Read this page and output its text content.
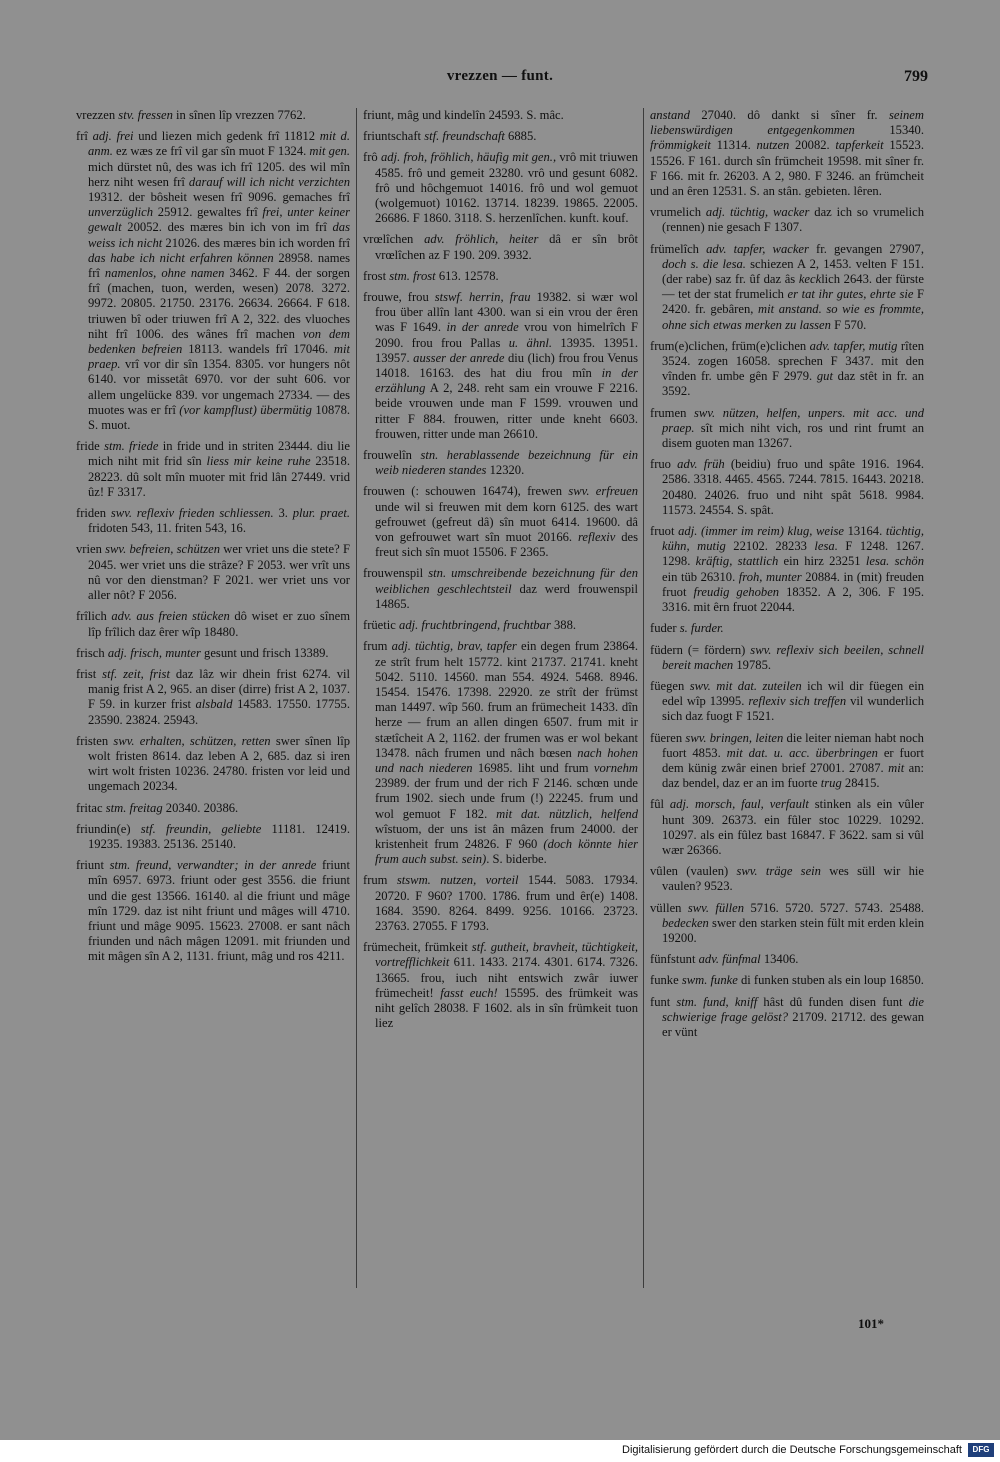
vrezzen — funt.	799

vrezzen stv. fressen in sînen lîp vrezzen 7762.

frî adj. frei und liezen mich gedenk frî 11812 mit d. anm. ez wæs ze frî vil gar sîn muot F 1324. mit gen. mich dürstet nû, des was ich frî 1205. des wil mîn herz niht wesen frî darauf will ich nicht verzichten 19312. der bôsheit wesen frî 9096. gemaches frî unverzüglich 25912. gewaltes frî frei, unter keiner gewalt 20052. des mæres bin ich von im frî das weiss ich nicht 21026. des mæres bin ich worden frî das habe ich nicht erfahren können 28958. names frî namenlos, ohne namen 3462. F 44. der sorgen frî (machen, tuon, werden, wesen) 2078. 3272. 9972. 20805. 21750. 23176. 26634. 26664. F 618. triuwen bî oder triuwen frî A 2, 322. des vluoches niht frî 1006. des wânes frî machen von dem bedenken befreien 18113. wandels frî 17046. mit praep. vrî vor dir sîn 1354. 8305. vor hungers nôt 6140. vor missetât 6970. vor der suht 606. vor allem ungelücke 839. vor ungemach 27334. — des muotes was er frî (vor kampflust) übermütig 10878. S. muot.

fride stm. friede in fride und in striten 23444. diu lie mich niht mit frid sîn liess mir keine ruhe 23518. 28223. dû solt mîn muoter mit frid lân 27449. vrid ûz! F 3317.

friden swv. reflexiv frieden schliessen. 3. plur. praet. fridoten 543, 11. friten 543, 16.

vrien swv. befreien, schützen wer vriet uns die stete? F 2045. wer vriet uns die strâze? F 2053. wer vrît uns nû vor den dienstman? F 2021. wer vriet uns vor aller nôt? F 2056.

frîlich adv. aus freien stücken dô wiset er zuo sînem lîp frîlich daz êrer wîp 18480.

frisch adj. frisch, munter gesunt und frisch 13389.

frist stf. zeit, frist daz lâz wir dhein frist 6274. vil manig frist A 2, 965. an diser (dirre) frist A 2, 1037. F 59. in kurzer frist alsbald 14583. 17550. 17755. 23590. 23824. 25943.

fristen swv. erhalten, schützen, retten swer sînen lîp wolt fristen 8614. daz leben A 2, 685. daz si iren wirt wolt fristen 10236. 24780. fristen vor leid und ungemach 20234.

fritac stm. freitag 20340. 20386.

friundin(e) stf. freundin, geliebte 11181. 12419. 19235. 19383. 25136. 25140.

friunt stm. freund, verwandter; in der anrede friunt mîn 6957. 6973. friunt oder gest 3556. die friunt und die gest 13566. 16140. al die friunt und mâge mîn 1729. daz ist niht friunt und mâges will 4710. friunt und mâge 9095. 15623. 27008. er sant nâch friunden und nâch mâgen 12091. mit friunden und mit mâgen sîn A 2, 1131. friunt, mâg und ros 4211.

friunt, mâg und kindelîn 24593. S. mâc.

friuntschaft stf. freundschaft 6885.

frô adj. froh, fröhlich, häufig mit gen., vrô mit triuwen 4585. frô und gemeit 23280. vrô und gesunt 6082. frô und hôchgemuot 14016. frô und wol gemuot (wolgemuot) 10162. 13714. 18239. 19865. 22005. 26686. F 1860. 3118. S. herzenlîchen. kunft. kouf.

vrœlîchen adv. fröhlich, heiter dâ er sîn brôt vrœlîchen az F 190. 209. 3932.

frost stm. frost 613. 12578.

frouwe, frou stswf. herrin, frau 19382. si wær wol frou über allîn lant 4300. wan si ein vrou der êren was F 1649. in der anrede vrou von himelrîch F 2090. frou frou Pallas u. ähnl. 13935. 13951. 13957. ausser der anrede diu (lich) frou frou Venus 14018. 16163. des hat diu frou mîn in der erzählung A 2, 248. reht sam ein vrouwe F 2216. beide vrouwen unde man F 1599. vrouwen und ritter F 884. frouwen, ritter unde kneht 6603. frouwen, ritter unde man 26610.

frouwelîn stn. herablassende bezeichnung für ein weib niederen standes 12320.

frouwen (: schouwen 16474), frewen swv. erfreuen unde wil si freuwen mit dem korn 6125. des wart gefrouwet (gefreut dâ) sîn muot 6414. 19600. dâ von gefrouwet wart sîn muot 20166. reflexiv des freut sich sîn muot 15506. F 2365.

frouwenspil stn. umschreibende bezeichnung für den weiblichen geschlechtsteil daz werd frouwenspil 14865.

früetic adj. fruchtbringend, fruchtbar 388.

frum adj. tüchtig, brav, tapfer ein degen frum 23864. ze strît frum helt 15772. kint 21737. 21741. kneht 5042. 5110. 14560. man 554. 4924. 5468. 8946. 15454. 15476. 17398. 22920. ze strît der frümst man 14497. wîp 560. frum an frümecheit 1433. dîn herze — frum an allen dingen 6507. frum mit ir stætîcheit A 2, 1162. der frumen was er wol bekant 13478. nâch frumen und nâch bœsen nach hohen und nach niederen 16985. liht und frum vornehm 23989. der frum und der rich F 2146. schœn unde frum 1902. siech unde frum (!) 22245. frum und wol gemuot F 182. mit dat. nützlich, helfend wîstuom, der uns ist ân mâzen frum 24000. der kristenheit frum 24826. F 960 (doch könnte hier frum auch subst. sein). S. biderbe.

frum stswm. nutzen, vorteil 1544. 5083. 17934. 20720. F 960? 1700. 1786. frum und êr(e) 1408. 1684. 3590. 8264. 8499. 9256. 10166. 23723. 23763. 27055. F 1793.

frümecheit, frümkeit stf. gutheit, bravheit, tüchtigkeit, vortrefflichkeit 611. 1433. 2174. 4301. 6174. 7326. 13665. frou, iuch niht entswich zwâr iuwer frümecheit! fasst euch! 15595. des frümkeit was niht gelîch 28038. F 1602. als in sîn frümkeit tuon liez

anstand 27040. dô dankt si sîner fr. seinem liebenswürdigen entgegenkommen 15340. frömmigkeit 11314. nutzen 20082. tapferkeit 15523. 15526. F 161. durch sîn frümcheit 19598. mit sîner fr. F 166. mit fr. 26203. A 2, 980. F 3246. an frümcheit und an êren 12531. S. an stân. gebieten. lêren.

vrumelich adj. tüchtig, wacker daz ich so vrumelich (rennen) nie gesach F 1307.

frümelîch adv. tapfer, wacker fr. gevangen 27907, doch s. die lesa. schiezen A 2, 1453. velten F 151. (der rabe) saz fr. ûf daz âs kecklich 2643. der fürste — tet der stat frumelich er tat ihr gutes, ehrte sie F 2420. fr. gebâren, mit anstand. so wie es frommte, ohne sich etwas merken zu lassen F 570.

frum(e)clichen, früm(e)clichen adv. tapfer, mutig rîten 3524. zogen 16058. sprechen F 3437. mit den vînden fr. umbe gên F 2979. gut daz stêt in fr. an 3592.

frumen swv. nützen, helfen, unpers. mit acc. und praep. sît mich niht vich, ros und rint frumt an disem guoten man 13267.

fruo adv. früh (beidiu) fruo und spâte 1916. 1964. 2586. 3318. 4465. 4565. 7244. 7815. 16443. 20218. 20480. 24026. fruo und niht spât 5618. 9984. 11573. 24554. S. spât.

fruot adj. (immer im reim) klug, weise 13164. tüchtig, kühn, mutig 22102. 28233 lesa. F 1248. 1267. 1298. kräftig, stattlich ein hirz 23251 lesa. schön ein tüb 26310. froh, munter 20884. in (mit) freuden fruot freudig gehoben 18352. A 2, 306. F 195. 3316. mit êrn fruot 22044.

fuder s. furder.

füdern (= fördern) swv. reflexiv sich beeilen, schnell bereit machen 19785.

füegen swv. mit dat. zuteilen ich wil dir füegen ein edel wîp 13995. reflexiv sich treffen vil wunderlich sich daz fuogt F 1521.

füeren swv. bringen, leiten die leiter nieman habt noch fuort 4853. mit dat. u. acc. überbringen er fuort dem künig zwâr einen brief 27001. 27087. mit an: daz bendel, daz er an im fuorte trug 28415.

fûl adj. morsch, faul, verfault stinken als ein vûler hunt 309. 26373. ein fûler stoc 10229. 10292. 10297. als ein fûlez bast 16847. F 3622. sam si vûl wær 26366.

vûlen (vaulen) swv. träge sein wes süll wir hie vaulen? 9523.

vüllen swv. füllen 5716. 5720. 5727. 5743. 25488. bedecken swer den starken stein fült mit erden klein 19200.

fünfstunt adv. fünfmal 13406.

funke swm. funke di funken stuben als ein loup 16850.

funt stm. fund, kniff hâst dû funden disen funt die schwierige frage gelöst? 21709. 21712. des gewan er vünt

101*
Digitalisierung gefördert durch die Deutsche Forschungsgemeinschaft	DFG
